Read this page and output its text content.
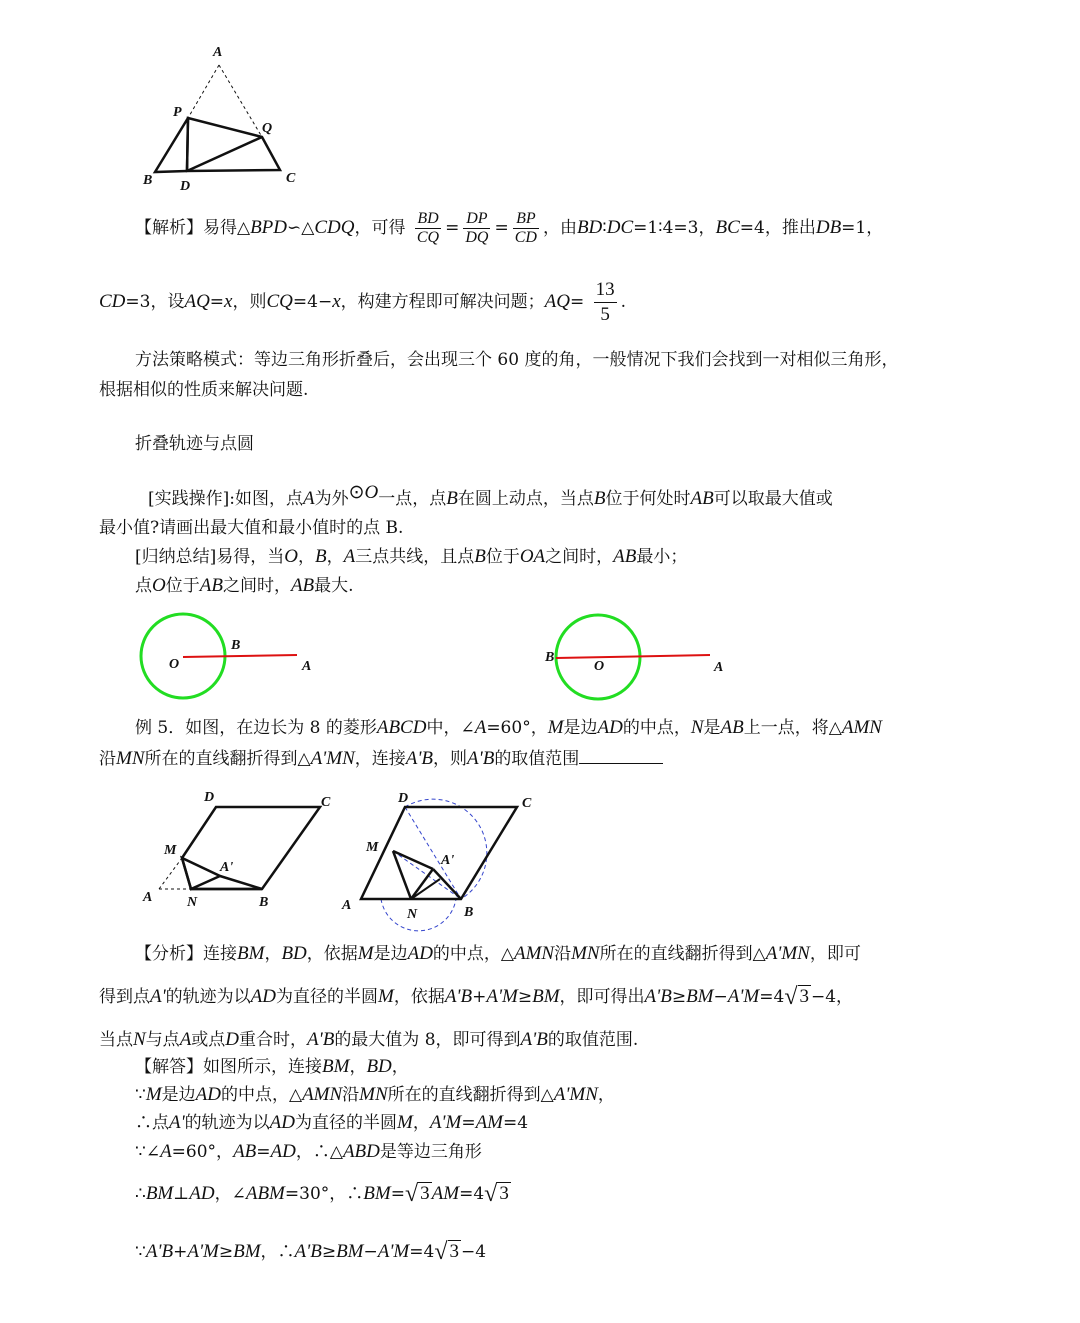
A
P
Q
B D
C
【解析】易得△BPD∽△CDQ，可得 $\frac{BD}{CQ} = \frac{DP}{DQ} = \frac{BP}{CD}$ ，由BD∶DC=1∶4=3，BC=4，推出DB=1，
CD=3，设AQ=x，则CQ=4−x，构建方程即可解决问题；$AQ= \frac{13}{5}$ .
方法策略模式：等边三角形折叠后，会出现三个 60 度的角，一般情况下我们会找到一对相似三角形，
根据相似的性质来解决问题.
折叠轨迹与点圆
[实践操作]:如图，点A为外⊙O一点，点B在圆上动点，当点B位于何处时AB可以取最大值或
最小值?请画出最大值和最小值时的点 B.
[归纳总结]易得，当O，B，A三点共线，且点B位于OA之间时，AB最小；
点O位于AB之间时，AB最大.
O
B
A
B
O	A
例 5．如图，在边长为 8 的菱形ABCD中，∠A=60°，M是边AD的中点，N是AB上一点，将△AMN
沿MN所在的直线翻折得到△A'MN，连接A'B，则A'B的取值范围
D	C
M
A'
A N	B
D	C
M
A'
A
N	B
【分析】连接BM，BD，依据M是边AD的中点，△AMN沿MN所在的直线翻折得到△A'MN，即可
得到点A'的轨迹为以AD为直径的半圆M，依据A'B+A'M≥BM，即可得出A'B≥BM−A'M=4√ 3 −4，
当点N与点A或点D重合时，A'B的最大值为 8，即可得到A'B的取值范围.
【解答】如图所示，连接BM，BD，
∵M是边AD的中点，△AMN沿MN所在的直线翻折得到△A'MN，
∴点A'的轨迹为以AD为直径的半圆M，A'M=AM=4
∵∠A=60°，AB=AD，∴△ABD是等边三角形
∴BM⊥AD，∠ABM=30°，∴BM=√ 3 AM=4√ 3
∵A'B+A'M≥BM，∴A'B≥BM−A'M=4√ 3 −4
